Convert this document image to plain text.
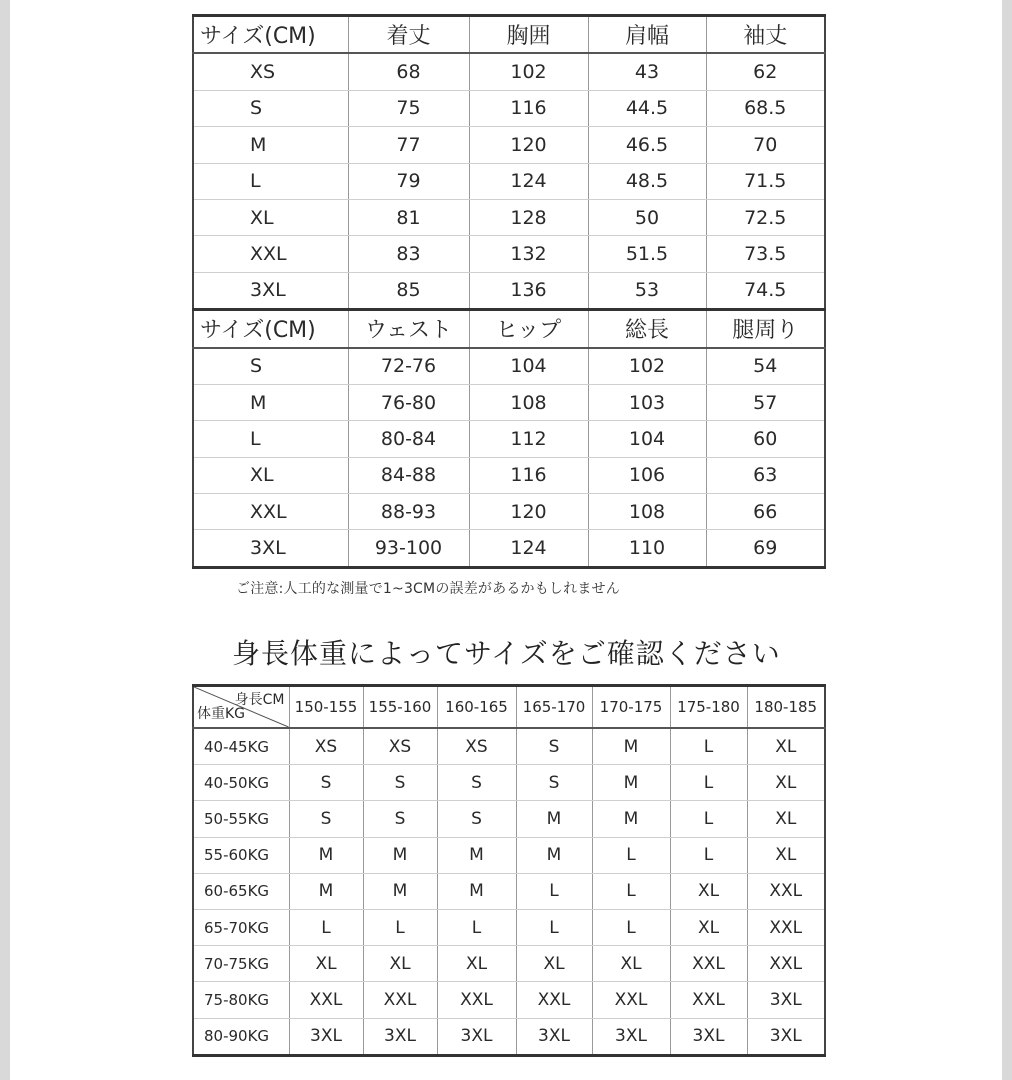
サイズ(CM)	着丈	胸囲	肩幅	袖丈
XS	68	102	43	62
S	75	116	44.5	68.5
M	77	120	46.5	70
L	79	124	48.5	71.5
XL	81	128	50	72.5
XXL	83	132	51.5	73.5
3XL	85	136	53	74.5
サイズ(CM)	ウェスト	ヒップ	総長	腿周り
S	72-76	104	102	54
M	76-80	108	103	57
L	80-84	112	104	60
XL	84-88	116	106	63
XXL	88-93	120	108	66
3XL	93-100	124	110	69
ご注意:人工的な測量で1~3CMの誤差があるかもしれません
身長体重によってサイズをご確認ください
身長CM
体重KG	150-155	155-160	160-165	165-170	170-175	175-180	180-185
40-45KG	XS	XS	XS	S	M	L	XL
40-50KG	S	S	S	S	M	L	XL
50-55KG	S	S	S	M	M	L	XL
55-60KG	M	M	M	M	L	L	XL
60-65KG	M	M	M	L	L	XL	XXL
65-70KG	L	L	L	L	L	XL	XXL
70-75KG	XL	XL	XL	XL	XL	XXL	XXL
75-80KG	XXL	XXL	XXL	XXL	XXL	XXL	3XL
80-90KG	3XL	3XL	3XL	3XL	3XL	3XL	3XL
